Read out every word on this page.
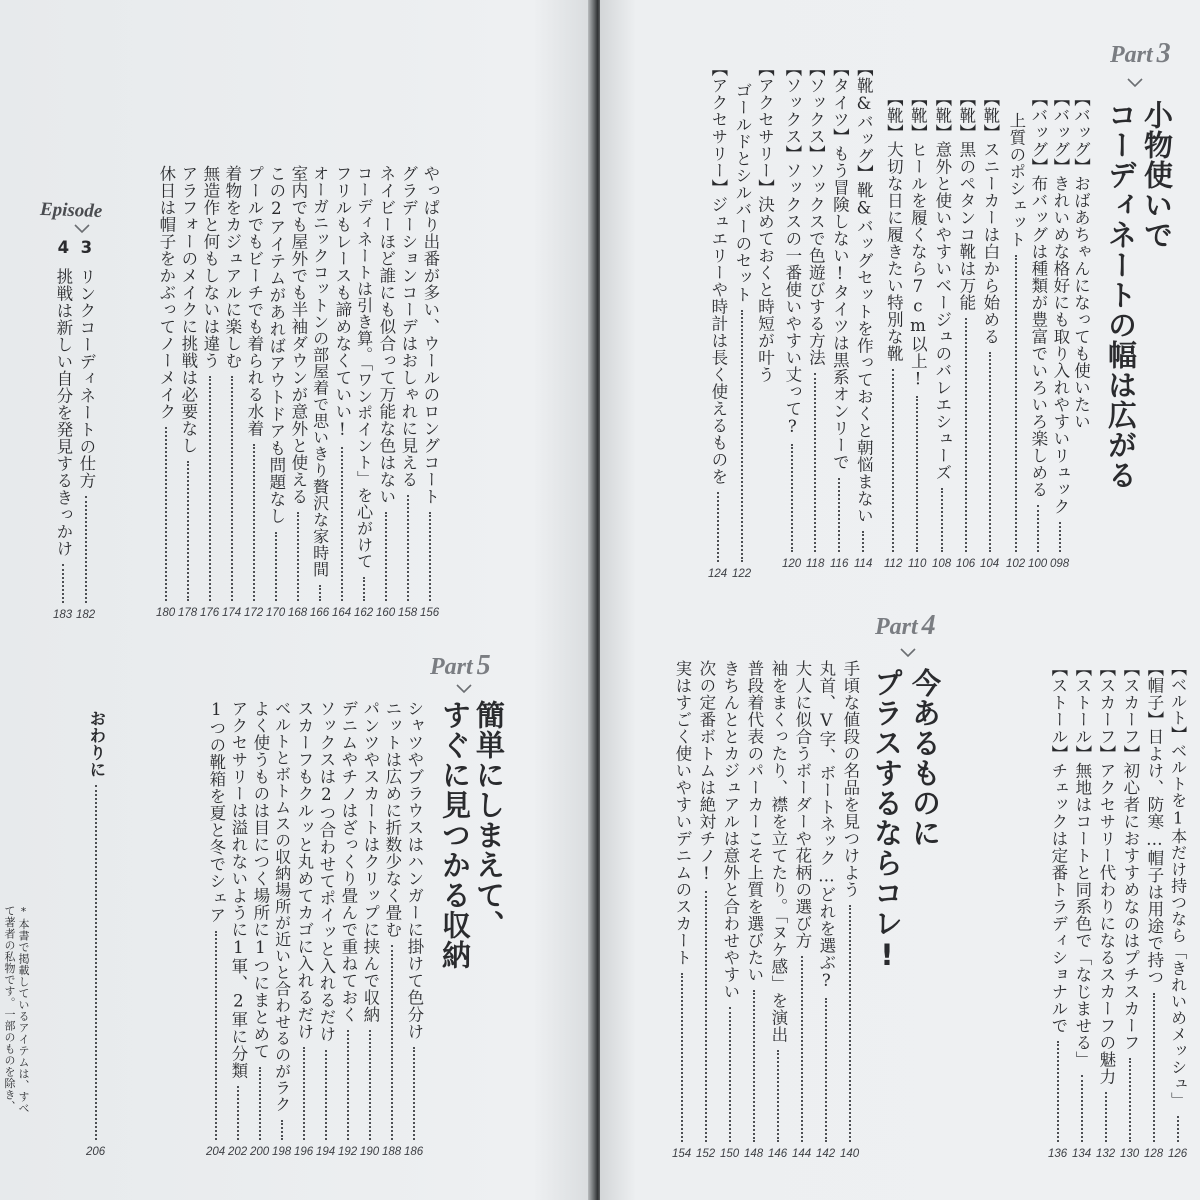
Episode
4
挑戦は新しい自分を発見するきっかけ
183
3
リンクコーディネートの仕方
182
休日は帽子をかぶってノーメイク
180
アラフォーのメイクに挑戦は必要なし
178
無造作と何もしないは違う
176
着物をカジュアルに楽しむ
174
プールでもビーチでも着られる水着
172
この2アイテムがあればアウトドアも問題なし
170
室内でも屋外でも半袖ダウンが意外と使える
168
オーガニックコットンの部屋着で思いきり贅沢な家時間
166
フリルもレースも諦めなくていい!
164
コーディネートは引き算。「ワンポイント」を心がけて
162
ネイビーほど誰にも似合って万能な色はない
160
グラデーションコーデはおしゃれに見える
158
やっぱり出番が多い、ウールのロングコート
156
Part 5
簡単にしまえて、
すぐに見つかる収納
シャツやブラウスはハンガーに掛けて色分け
186
ニットは広めに折数少なく畳む
188
パンツやスカートはクリップに挟んで収納
190
デニムやチノはざっくり畳んで重ねておく
192
ソックスは2つ合わせてポイッと入れるだけ
194
スカーフもクルッと丸めてカゴに入れるだけ
196
ベルトとボトムスの収納場所が近いと合わせるのがラク
198
よく使うものは目につく場所に1つにまとめて
200
アクセサリーは溢れないように1軍、2軍に分類
202
1つの靴箱を夏と冬でシェア
204
おわりに
206
*本書で掲載しているアイテムは、すべ
て著者の私物です。一部のものを除き、
Part 3
小物使いで
コーディネートの幅は広がる
【バッグ】おばあちゃんになっても使いたい
【バッグ】きれいめな格好にも取り入れやすいリュック
098
【バッグ】布バッグは種類が豊富でいろいろ楽しめる
100
上質のポシェット
102
【靴】スニーカーは白から始める
104
【靴】黒のペタンコ靴は万能
106
【靴】意外と使いやすいベージュのバレエシューズ
108
【靴】ヒールを履くなら7cm以上!
110
【靴】大切な日に履きたい特別な靴
112
【靴&バッグ】靴&バッグセットを作っておくと朝悩まない
114
【タイツ】もう冒険しない!タイツは黒系オンリーで
116
【ソックス】ソックスで色遊びする方法
118
【ソックス】ソックスの一番使いやすい丈って?
120
【アクセサリー】決めておくと時短が叶う
ゴールドとシルバーのセット
122
【アクセサリー】ジュエリーや時計は長く使えるものを
124
Part 4
今あるものに
プラスするならコレ!
手頃な値段の名品を見つけよう
140
丸首、V字、ボートネック…どれを選ぶ?
142
大人に似合うボーダーや花柄の選び方
144
袖をまくったり、襟を立てたり。「ヌケ感」を演出
146
普段着代表のパーカーこそ上質を選びたい
148
きちんととカジュアルは意外と合わせやすい
150
次の定番ボトムは絶対チノ!
152
実はすごく使いやすいデニムのスカート
154
【ベルト】ベルトを1本だけ持つなら「きれいめメッシュ」
126
【帽子】日よけ、防寒…帽子は用途で持つ
128
【スカーフ】初心者におすすめなのはプチスカーフ
130
【スカーフ】アクセサリー代わりになるスカーフの魅力
132
【ストール】無地はコートと同系色で「なじませる」
134
【ストール】チェックは定番トラディショナルで
136
